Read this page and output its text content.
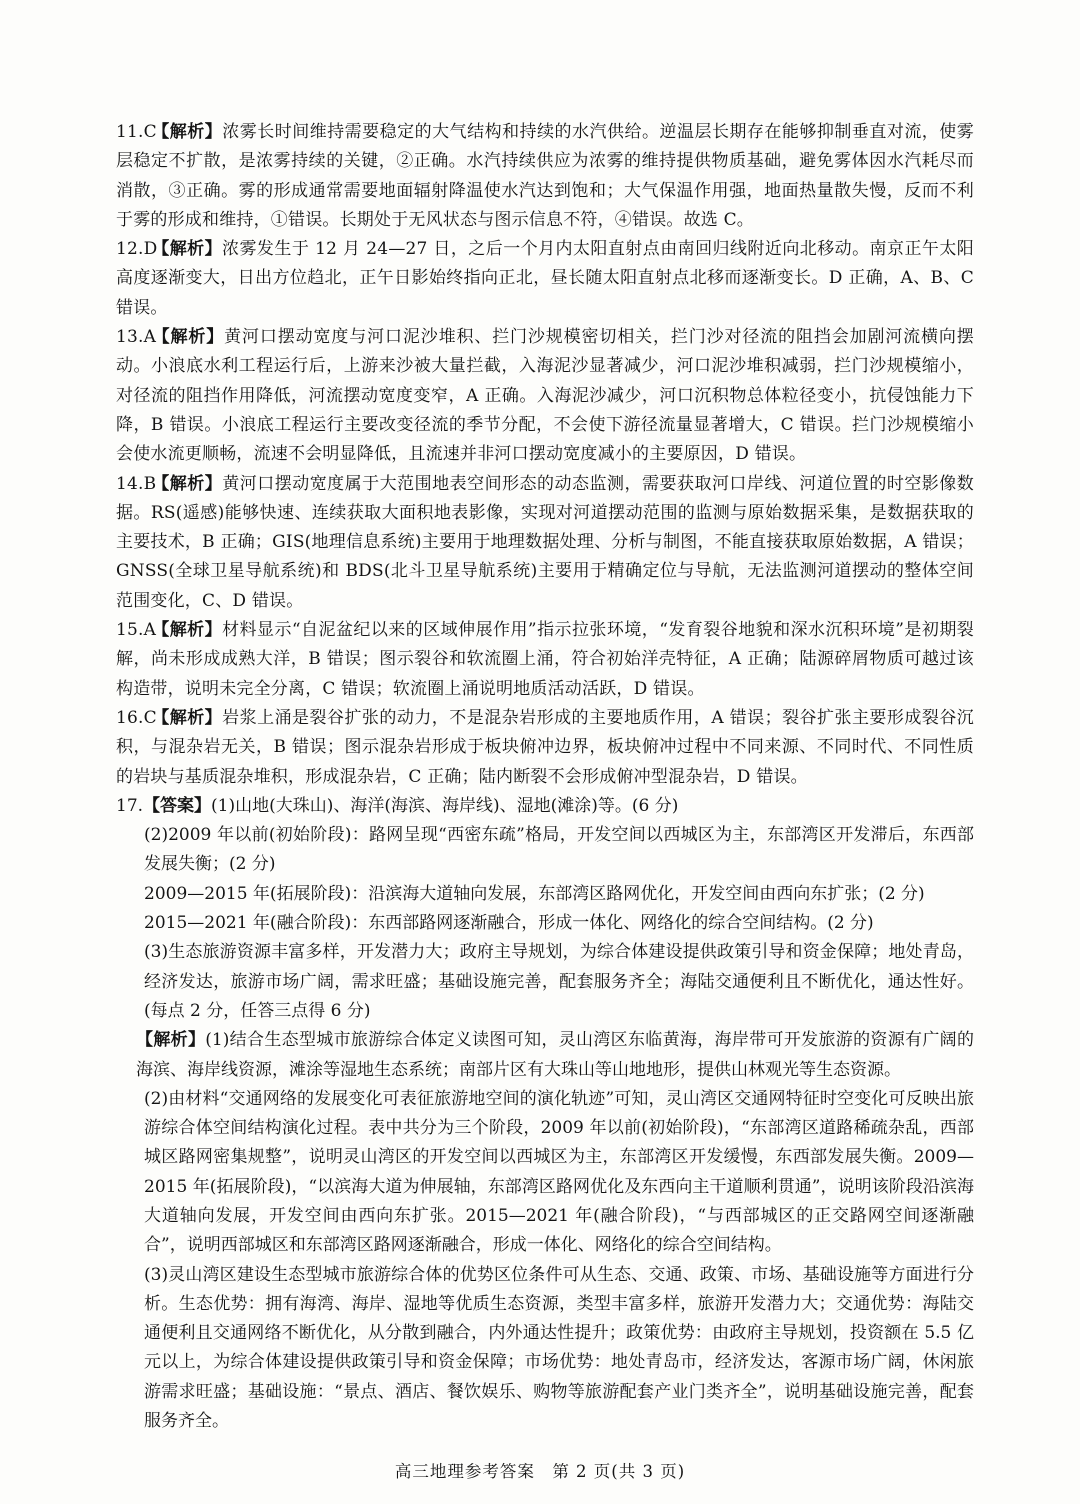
11.C【解析】浓雾长时间维持需要稳定的大气结构和持续的水汽供给。逆温层长期存在能够抑制垂直对流，使雾层稳定不扩散，是浓雾持续的关键，②正确。水汽持续供应为浓雾的维持提供物质基础，避免雾体因水汽耗尽而消散，③正确。雾的形成通常需要地面辐射降温使水汽达到饱和；大气保温作用强，地面热量散失慢，反而不利于雾的形成和维持，①错误。长期处于无风状态与图示信息不符，④错误。故选 C。

12.D【解析】浓雾发生于 12 月 24—27 日，之后一个月内太阳直射点由南回归线附近向北移动。南京正午太阳高度逐渐变大，日出方位趋北，正午日影始终指向正北，昼长随太阳直射点北移而逐渐变长。D 正确，A、B、C 错误。

13.A【解析】黄河口摆动宽度与河口泥沙堆积、拦门沙规模密切相关，拦门沙对径流的阻挡会加剧河流横向摆动。小浪底水利工程运行后，上游来沙被大量拦截，入海泥沙显著减少，河口泥沙堆积减弱，拦门沙规模缩小，对径流的阻挡作用降低，河流摆动宽度变窄，A 正确。入海泥沙减少，河口沉积物总体粒径变小，抗侵蚀能力下降，B 错误。小浪底工程运行主要改变径流的季节分配，不会使下游径流量显著增大，C 错误。拦门沙规模缩小会使水流更顺畅，流速不会明显降低，且流速并非河口摆动宽度减小的主要原因，D 错误。

14.B【解析】黄河口摆动宽度属于大范围地表空间形态的动态监测，需要获取河口岸线、河道位置的时空影像数据。RS(遥感)能够快速、连续获取大面积地表影像，实现对河道摆动范围的监测与原始数据采集，是数据获取的主要技术，B 正确；GIS(地理信息系统)主要用于地理数据处理、分析与制图，不能直接获取原始数据，A 错误；GNSS(全球卫星导航系统)和 BDS(北斗卫星导航系统)主要用于精确定位与导航，无法监测河道摆动的整体空间范围变化，C、D 错误。

15.A【解析】材料显示“自泥盆纪以来的区域伸展作用”指示拉张环境，“发育裂谷地貌和深水沉积环境”是初期裂解，尚未形成成熟大洋，B 错误；图示裂谷和软流圈上涌，符合初始洋壳特征，A 正确；陆源碎屑物质可越过该构造带，说明未完全分离，C 错误；软流圈上涌说明地质活动活跃，D 错误。

16.C【解析】岩浆上涌是裂谷扩张的动力，不是混杂岩形成的主要地质作用，A 错误；裂谷扩张主要形成裂谷沉积，与混杂岩无关，B 错误；图示混杂岩形成于板块俯冲边界，板块俯冲过程中不同来源、不同时代、不同性质的岩块与基质混杂堆积，形成混杂岩，C 正确；陆内断裂不会形成俯冲型混杂岩，D 错误。

17.【答案】(1)山地(大珠山)、海洋(海滨、海岸线)、湿地(滩涂)等。(6 分)

(2)2009 年以前(初始阶段)：路网呈现“西密东疏”格局，开发空间以西城区为主，东部湾区开发滞后，东西部发展失衡；(2 分)

2009—2015 年(拓展阶段)：沿滨海大道轴向发展，东部湾区路网优化，开发空间由西向东扩张；(2 分)

2015—2021 年(融合阶段)：东西部路网逐渐融合，形成一体化、网络化的综合空间结构。(2 分)

(3)生态旅游资源丰富多样，开发潜力大；政府主导规划，为综合体建设提供政策引导和资金保障；地处青岛，经济发达，旅游市场广阔，需求旺盛；基础设施完善，配套服务齐全；海陆交通便利且不断优化，通达性好。(每点 2 分，任答三点得 6 分)

【解析】(1)结合生态型城市旅游综合体定义读图可知，灵山湾区东临黄海，海岸带可开发旅游的资源有广阔的海滨、海岸线资源，滩涂等湿地生态系统；南部片区有大珠山等山地地形，提供山林观光等生态资源。

(2)由材料“交通网络的发展变化可表征旅游地空间的演化轨迹”可知，灵山湾区交通网特征时空变化可反映出旅游综合体空间结构演化过程。表中共分为三个阶段，2009 年以前(初始阶段)，“东部湾区道路稀疏杂乱，西部城区路网密集规整”，说明灵山湾区的开发空间以西城区为主，东部湾区开发缓慢，东西部发展失衡。2009—2015 年(拓展阶段)，“以滨海大道为伸展轴，东部湾区路网优化及东西向主干道顺利贯通”，说明该阶段沿滨海大道轴向发展，开发空间由西向东扩张。2015—2021 年(融合阶段)，“与西部城区的正交路网空间逐渐融合”，说明西部城区和东部湾区路网逐渐融合，形成一体化、网络化的综合空间结构。

(3)灵山湾区建设生态型城市旅游综合体的优势区位条件可从生态、交通、政策、市场、基础设施等方面进行分析。生态优势：拥有海湾、海岸、湿地等优质生态资源，类型丰富多样，旅游开发潜力大；交通优势：海陆交通便利且交通网络不断优化，从分散到融合，内外通达性提升；政策优势：由政府主导规划，投资额在 5.5 亿元以上，为综合体建设提供政策引导和资金保障；市场优势：地处青岛市，经济发达，客源市场广阔，休闲旅游需求旺盛；基础设施：“景点、酒店、餐饮娱乐、购物等旅游配套产业门类齐全”，说明基础设施完善，配套服务齐全。

高三地理参考答案　第 2 页(共 3 页)
